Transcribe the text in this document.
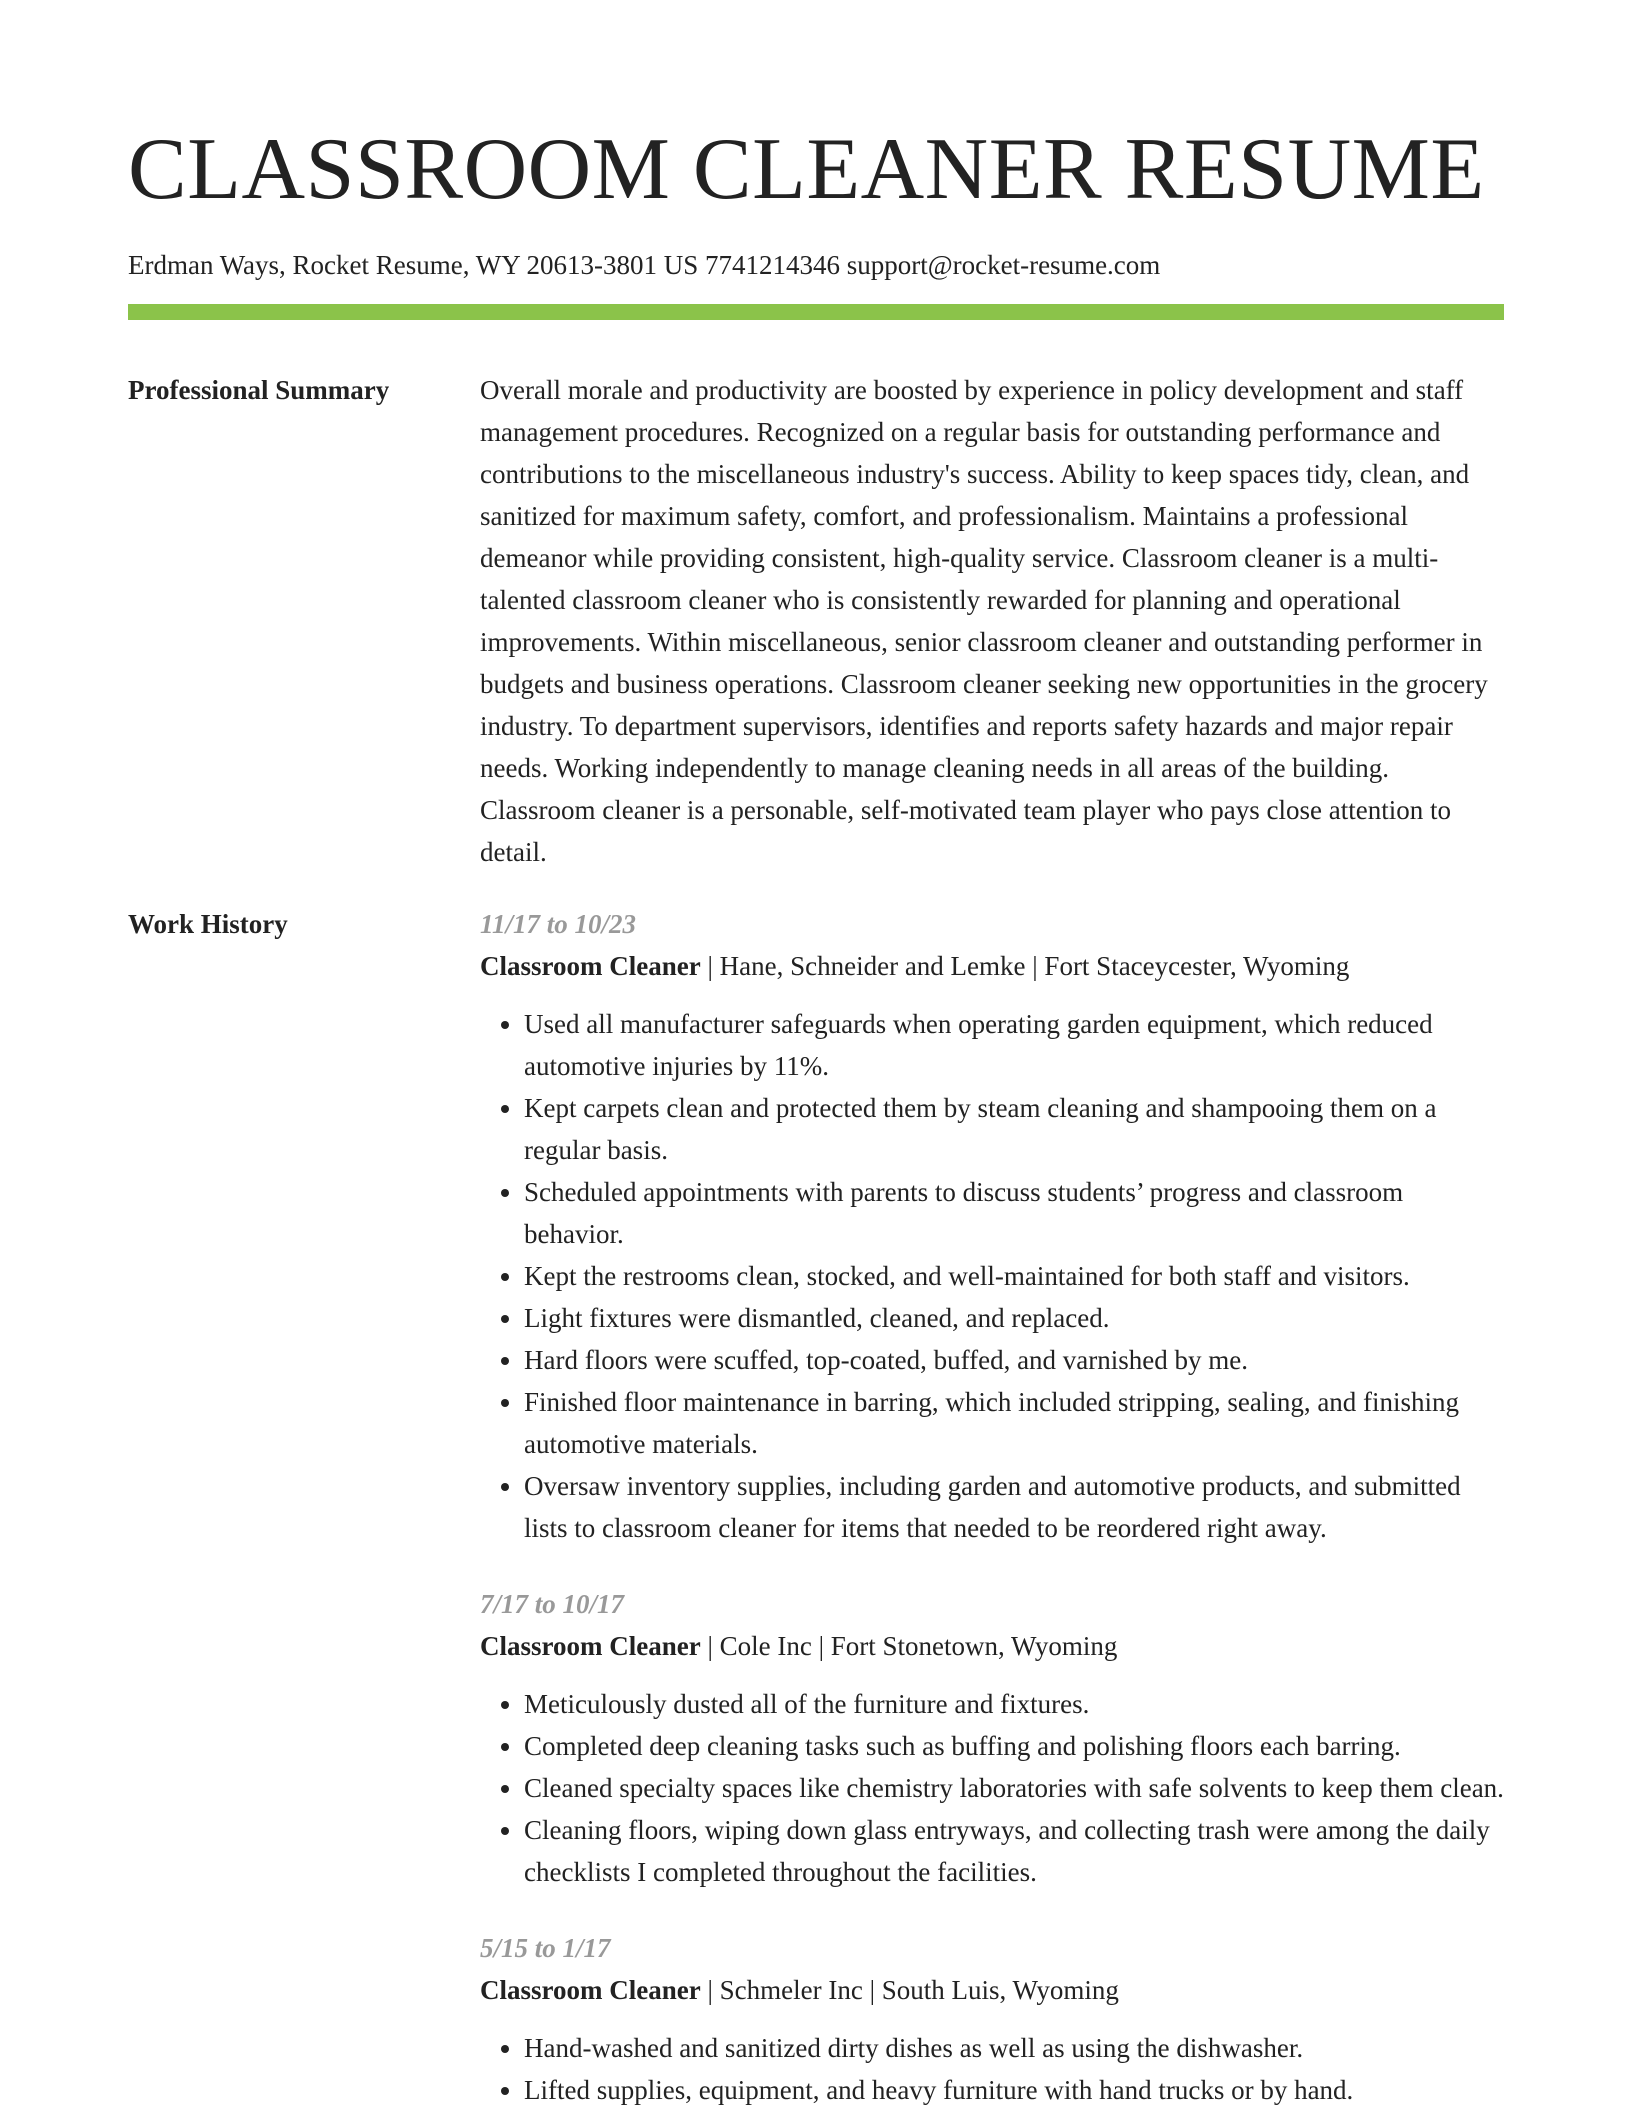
CLASSROOM CLEANER RESUME
Erdman Ways, Rocket Resume, WY 20613-3801 US 7741214346 support@rocket-resume.com
Professional Summary	Overall morale and productivity are boosted by experience in policy development and staff management procedures. Recognized on a regular basis for outstanding performance and contributions to the miscellaneous industry's success. Ability to keep spaces tidy, clean, and sanitized for maximum safety, comfort, and professionalism. Maintains a professional demeanor while providing consistent, high-quality service. Classroom cleaner is a multi-talented classroom cleaner who is consistently rewarded for planning and operational improvements. Within miscellaneous, senior classroom cleaner and outstanding performer in budgets and business operations. Classroom cleaner seeking new opportunities in the grocery industry. To department supervisors, identifies and reports safety hazards and major repair needs. Working independently to manage cleaning needs in all areas of the building. Classroom cleaner is a personable, self-motivated team player who pays close attention to detail.

Work History	11/17 to 10/23
Classroom Cleaner | Hane, Schneider and Lemke | Fort Staceycester, Wyoming
• Used all manufacturer safeguards when operating garden equipment, which reduced automotive injuries by 11%.
• Kept carpets clean and protected them by steam cleaning and shampooing them on a regular basis.
• Scheduled appointments with parents to discuss students’ progress and classroom behavior.
• Kept the restrooms clean, stocked, and well-maintained for both staff and visitors.
• Light fixtures were dismantled, cleaned, and replaced.
• Hard floors were scuffed, top-coated, buffed, and varnished by me.
• Finished floor maintenance in barring, which included stripping, sealing, and finishing automotive materials.
• Oversaw inventory supplies, including garden and automotive products, and submitted lists to classroom cleaner for items that needed to be reordered right away.
7/17 to 10/17
Classroom Cleaner | Cole Inc | Fort Stonetown, Wyoming
• Meticulously dusted all of the furniture and fixtures.
• Completed deep cleaning tasks such as buffing and polishing floors each barring.
• Cleaned specialty spaces like chemistry laboratories with safe solvents to keep them clean.
• Cleaning floors, wiping down glass entryways, and collecting trash were among the daily checklists I completed throughout the facilities.
5/15 to 1/17
Classroom Cleaner | Schmeler Inc | South Luis, Wyoming
• Hand-washed and sanitized dirty dishes as well as using the dishwasher.
• Lifted supplies, equipment, and heavy furniture with hand trucks or by hand.
